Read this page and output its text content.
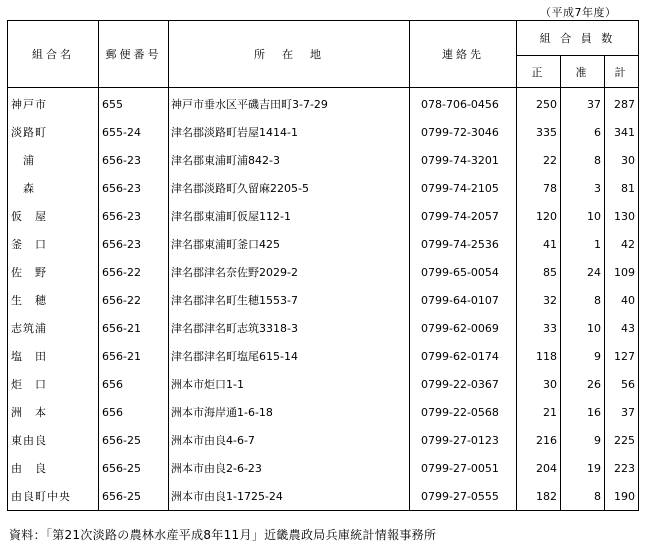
（平成7年度）
組合名	郵便番号	所　在　地	連絡先	組 合 員 数		
				正	准	計
神戸市	655	神戸市垂水区平磯吉田町3-7-29	078-706-0456	250	37	287
淡路町	655-24	津名郡淡路町岩屋1414-1	0799-72-3046	335	6	341
　浦	656-23	津名郡東浦町浦842-3	0799-74-3201	22	8	30
　森	656-23	津名郡淡路町久留麻2205-5	0799-74-2105	78	3	81
仮　屋	656-23	津名郡東浦町仮屋112-1	0799-74-2057	120	10	130
釜　口	656-23	津名郡東浦町釜口425	0799-74-2536	41	1	42
佐　野	656-22	津名郡津名奈佐野2029-2	0799-65-0054	85	24	109
生　穂	656-22	津名郡津名町生穂1553-7	0799-64-0107	32	8	40
志筑浦	656-21	津名郡津名町志筑3318-3	0799-62-0069	33	10	43
塩　田	656-21	津名郡津名町塩尾615-14	0799-62-0174	118	9	127
炬　口	656	洲本市炬口1-1	0799-22-0367	30	26	56
洲　本	656	洲本市海岸通1-6-18	0799-22-0568	21	16	37
東由良	656-25	洲本市由良4-6-7	0799-27-0123	216	9	225
由　良	656-25	洲本市由良2-6-23	0799-27-0051	204	19	223
由良町中央	656-25	洲本市由良1-1725-24	0799-27-0555	182	8	190
資料：「第21次淡路の農林水産平成8年11月」近畿農政局兵庫統計情報事務所
